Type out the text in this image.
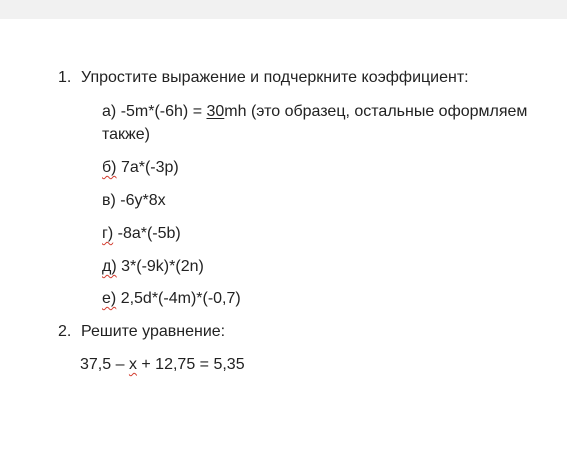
1. Упростите выражение и подчеркните коэффициент:
а) -5m*(-6h) = 30mh (это образец, остальные оформляем
также)
б) 7a*(-3p)
в) -6y*8x
г) -8a*(-5b)
д) 3*(-9k)*(2n)
е) 2,5d*(-4m)*(-0,7)
2. Решите уравнение:
37,5 – x + 12,75 = 5,35
